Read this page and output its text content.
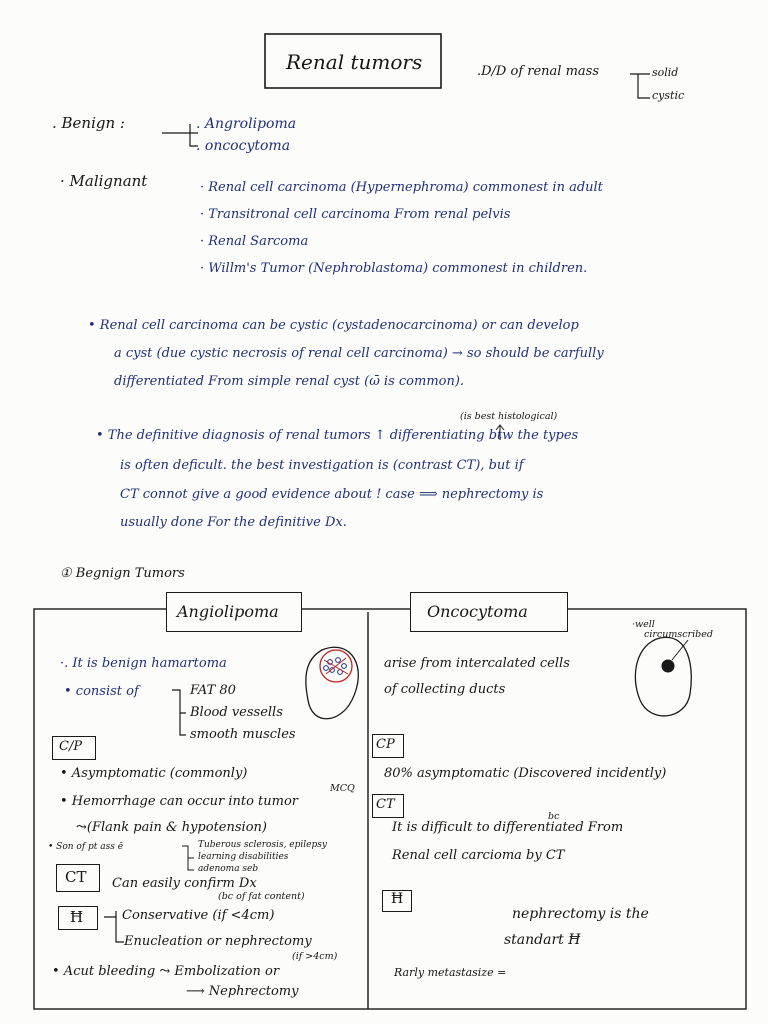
Renal tumors	.D/D of renal mass	solid
cystic
. Benign :	. Angrolipoma
. oncocytoma
· Malignant	· Renal cell carcinoma (Hypernephroma) commonest in adult
· Transitronal cell carcinoma From renal pelvis
· Renal Sarcoma
· Willm's Tumor (Nephroblastoma) commonest in children.
• Renal cell carcinoma can be cystic (cystadenocarcinoma) or can develop
a cyst (due cystic necrosis of renal cell carcinoma) → so should be carfully
differentiated From simple renal cyst (ω̄ is common).
(is best histological)
• The definitive diagnosis of renal tumors ↑ differentiating btw the types
is often deficult. the best investigation is (contrast CT), but if
CT connot give a good evidence about ! case ⟹ nephrectomy is
usually done For the definitive Dx.
① Begnign Tumors
Angiolipoma	Oncocytoma
·. It is benign hamartoma
• consist of	FAT 80
Blood vessells
smooth muscles
C/P
• Asymptomatic (commonly)
MCQ
• Hemorrhage can occur into tumor
⤳(Flank pain & hypotension)
• Son of pt ass ē	Tuberous sclerosis, epilepsy
learning disabilities
adenoma seb
CT Can easily confirm Dx
(bc of fat content)
Ħ	Conservative (if <4cm)
Enucleation or nephrectomy
(if >4cm)
• Acut bleeding ⤳ Embolization or
⟶ Nephrectomy
arise from intercalated cells
of collecting ducts
·well
circumscribed
CP
80% asymptomatic (Discovered incidently)
CT
bc
It is difficult to differentiated From
Renal cell carcioma by CT
Ħ
nephrectomy is the
standart Ħ
Rarly metastasize =
